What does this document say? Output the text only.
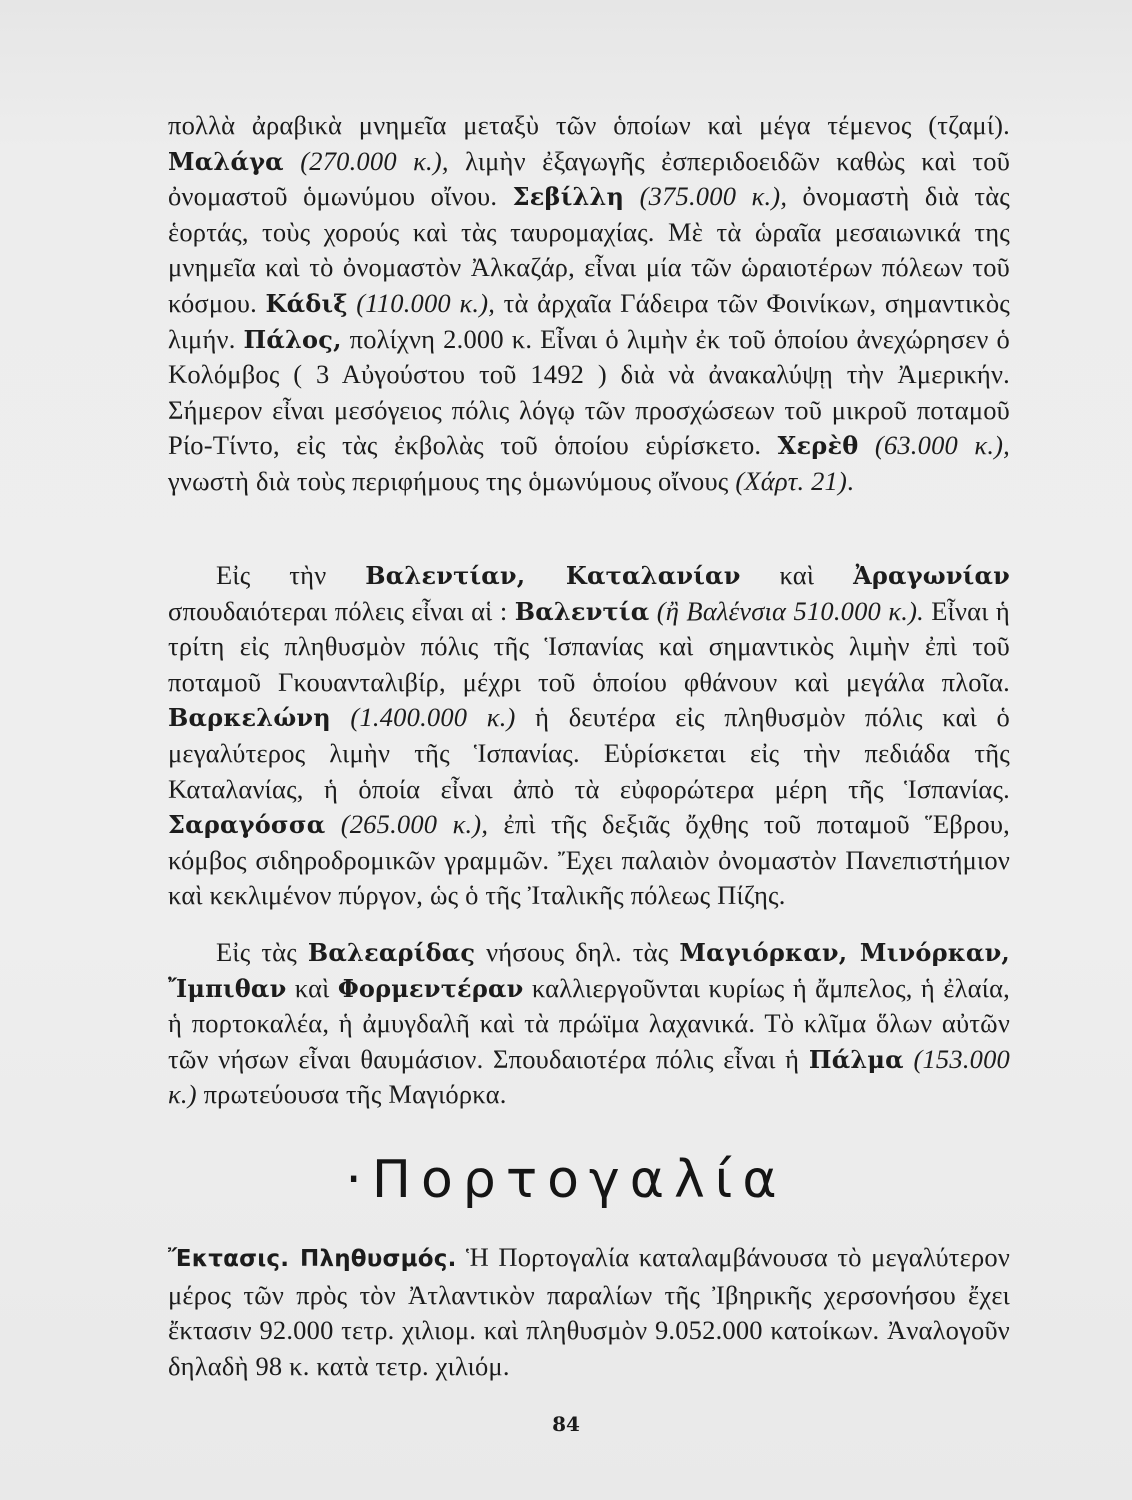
πολλὰ ἀραβικὰ μνημεῖα μεταξὺ τῶν ὁποίων καὶ μέγα τέμενος (τζαμί). Μαλάγα (270.000 κ.), λιμὴν ἐξαγωγῆς ἐσπεριδοειδῶν καθὼς καὶ τοῦ ὀνομαστοῦ ὁμωνύμου οἴνου. Σεβίλλη (375.000 κ.), ὀνομαστὴ διὰ τὰς ἑορτάς, τοὺς χορούς καὶ τὰς ταυρομαχίας. Μὲ τὰ ὡραῖα μεσαιωνικά της μνημεῖα καὶ τὸ ὀνομαστὸν Ἀλκαζάρ, εἶναι μία τῶν ὡραιοτέρων πόλεων τοῦ κόσμου. Κάδιξ (110.000 κ.), τὰ ἀρχαῖα Γάδειρα τῶν Φοινίκων, σημαντικὸς λιμήν. Πάλος, πολίχνη 2.000 κ. Εἶναι ὁ λιμὴν ἐκ τοῦ ὁποίου ἀνεχώρησεν ὁ Κολόμβος ( 3 Αὐγούστου τοῦ 1492 ) διὰ νὰ ἀνακαλύψῃ τὴν Ἀμερικήν. Σήμερον εἶναι μεσόγειος πόλις λόγῳ τῶν προσχώσεων τοῦ μικροῦ ποταμοῦ Ρίο-Τίντο, εἰς τὰς ἐκβολὰς τοῦ ὁποίου εὑρίσκετο. Χερὲθ (63.000 κ.), γνωστὴ διὰ τοὺς περιφήμους της ὁμωνύμους οἴνους (Χάρτ. 21).
Εἰς τὴν Βαλεντίαν, Καταλανίαν καὶ Ἀραγωνίαν σπουδαιότεραι πόλεις εἶναι αἱ : Βαλεντία (ἢ Βαλένσια 510.000 κ.). Εἶναι ἡ τρίτη εἰς πληθυσμὸν πόλις τῆς Ἱσπανίας καὶ σημαντικὸς λιμὴν ἐπὶ τοῦ ποταμοῦ Γκουανταλιβίρ, μέχρι τοῦ ὁποίου φθάνουν καὶ μεγάλα πλοῖα. Βαρκελώνη (1.400.000 κ.) ἡ δευτέρα εἰς πληθυσμὸν πόλις καὶ ὁ μεγαλύτερος λιμὴν τῆς Ἱσπανίας. Εὑρίσκεται εἰς τὴν πεδιάδα τῆς Καταλανίας, ἡ ὁποία εἶναι ἀπὸ τὰ εὐφορώτερα μέρη τῆς Ἱσπανίας. Σαραγόσσα (265.000 κ.), ἐπὶ τῆς δεξιᾶς ὄχθης τοῦ ποταμοῦ Ἕβρου, κόμβος σιδηροδρομικῶν γραμμῶν. Ἔχει παλαιὸν ὀνομαστὸν Πανεπιστήμιον καὶ κεκλιμένον πύργον, ὡς ὁ τῆς Ἰταλικῆς πόλεως Πίζης.
Εἰς τὰς Βαλεαρίδας νήσους δηλ. τὰς Μαγιόρκαν, Μινόρκαν, Ἴμπιθαν καὶ Φορμεντέραν καλλιεργοῦνται κυρίως ἡ ἄμπελος, ἡ ἐλαία, ἡ πορτοκαλέα, ἡ ἀμυγδαλῆ καὶ τὰ πρώϊμα λαχανικά. Τὸ κλῖμα ὅλων αὐτῶν τῶν νήσων εἶναι θαυμάσιον. Σπουδαιοτέρα πόλις εἶναι ἡ Πάλμα (153.000 κ.) πρωτεύουσα τῆς Μαγιόρκα.
·Πορτογαλία
Ἔκτασις. Πληθυσμός. Ἡ Πορτογαλία καταλαμβάνουσα τὸ μεγαλύτερον μέρος τῶν πρὸς τὸν Ἀτλαντικὸν παραλίων τῆς Ἰβηρικῆς χερσονήσου ἔχει ἔκτασιν 92.000 τετρ. χιλιομ. καὶ πληθυσμὸν 9.052.000 κατοίκων. Ἀναλογοῦν δηλαδὴ 98 κ. κατὰ τετρ. χιλιόμ.
84
